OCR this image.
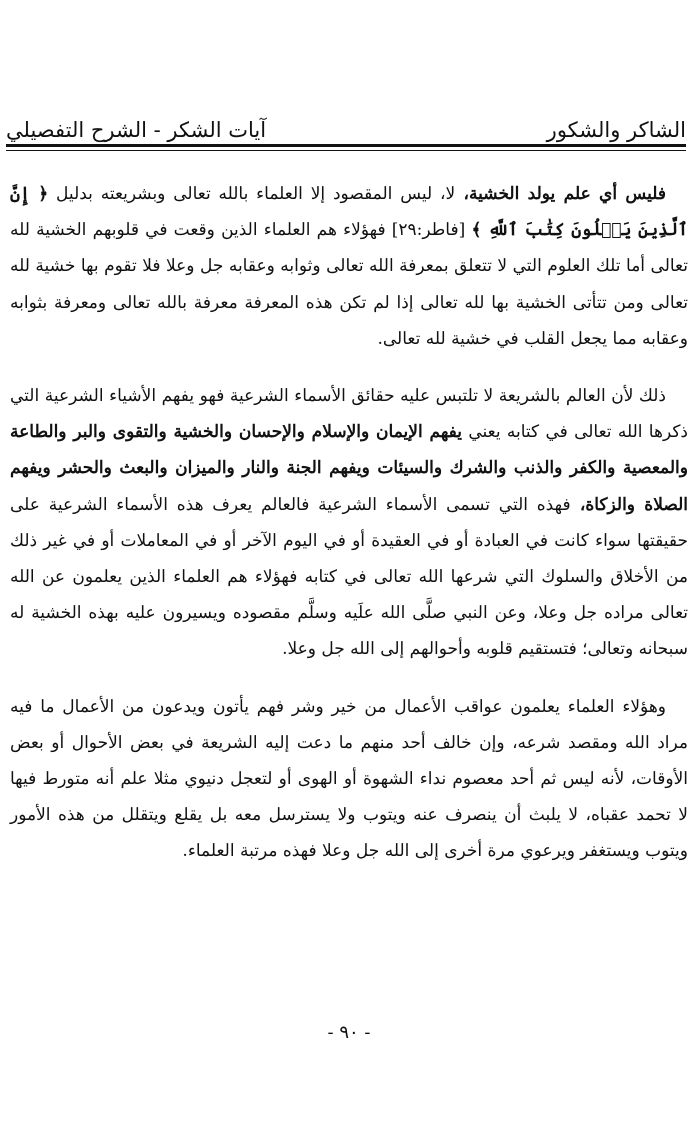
الشاكر والشكور
آيات الشكر - الشرح التفصيلي

فليس أي علم يولد الخشية، لا، ليس المقصود إلا العلماء بالله تعالى وبشريعته بدليل ﴿ إِنَّ ٱلَّذِينَ يَتۡلُونَ كِتَٰبَ ٱللَّهِ ﴾ [فاطر:٢٩] فهؤلاء هم العلماء الذين وقعت في قلوبهم الخشية لله تعالى أما تلك العلوم التي لا تتعلق بمعرفة الله تعالى وثوابه وعقابه جل وعلا فلا تقوم بها خشية لله تعالى ومن تتأتى الخشية بها لله تعالى إذا لم تكن هذه المعرفة معرفة بالله تعالى ومعرفة بثوابه وعقابه مما يجعل القلب في خشية لله تعالى.

ذلك لأن العالم بالشريعة لا تلتبس عليه حقائق الأسماء الشرعية فهو يفهم الأشياء الشرعية التي ذكرها الله تعالى في كتابه يعني يفهم الإيمان والإسلام والإحسان والخشية والتقوى والبر والطاعة والمعصية والكفر والذنب والشرك والسيئات ويفهم الجنة والنار والميزان والبعث والحشر ويفهم الصلاة والزكاة، فهذه التي تسمى الأسماء الشرعية فالعالم يعرف هذه الأسماء الشرعية على حقيقتها سواء كانت في العبادة أو في العقيدة أو في اليوم الآخر أو في المعاملات أو في غير ذلك من الأخلاق والسلوك التي شرعها الله تعالى في كتابه فهؤلاء هم العلماء الذين يعلمون عن الله تعالى مراده جل وعلا، وعن النبي صلَّى الله علَيه وسلَّم مقصوده ويسيرون عليه بهذه الخشية له سبحانه وتعالى؛ فتستقيم قلوبه وأحوالهم إلى الله جل وعلا.

وهؤلاء العلماء يعلمون عواقب الأعمال من خير وشر فهم يأتون ويدعون من الأعمال ما فيه مراد الله ومقصد شرعه، وإن خالف أحد منهم ما دعت إليه الشريعة في بعض الأحوال أو بعض الأوقات، لأنه ليس ثم أحد معصوم نداء الشهوة أو الهوى أو لتعجل دنيوي مثلا علم أنه متورط فيها لا تحمد عقباه، لا يلبث أن ينصرف عنه ويتوب ولا يسترسل معه بل يقلع ويتقلل من هذه الأمور ويتوب ويستغفر ويرعوي مرة أخرى إلى الله جل وعلا فهذه مرتبة العلماء.

- ٩٠ -
